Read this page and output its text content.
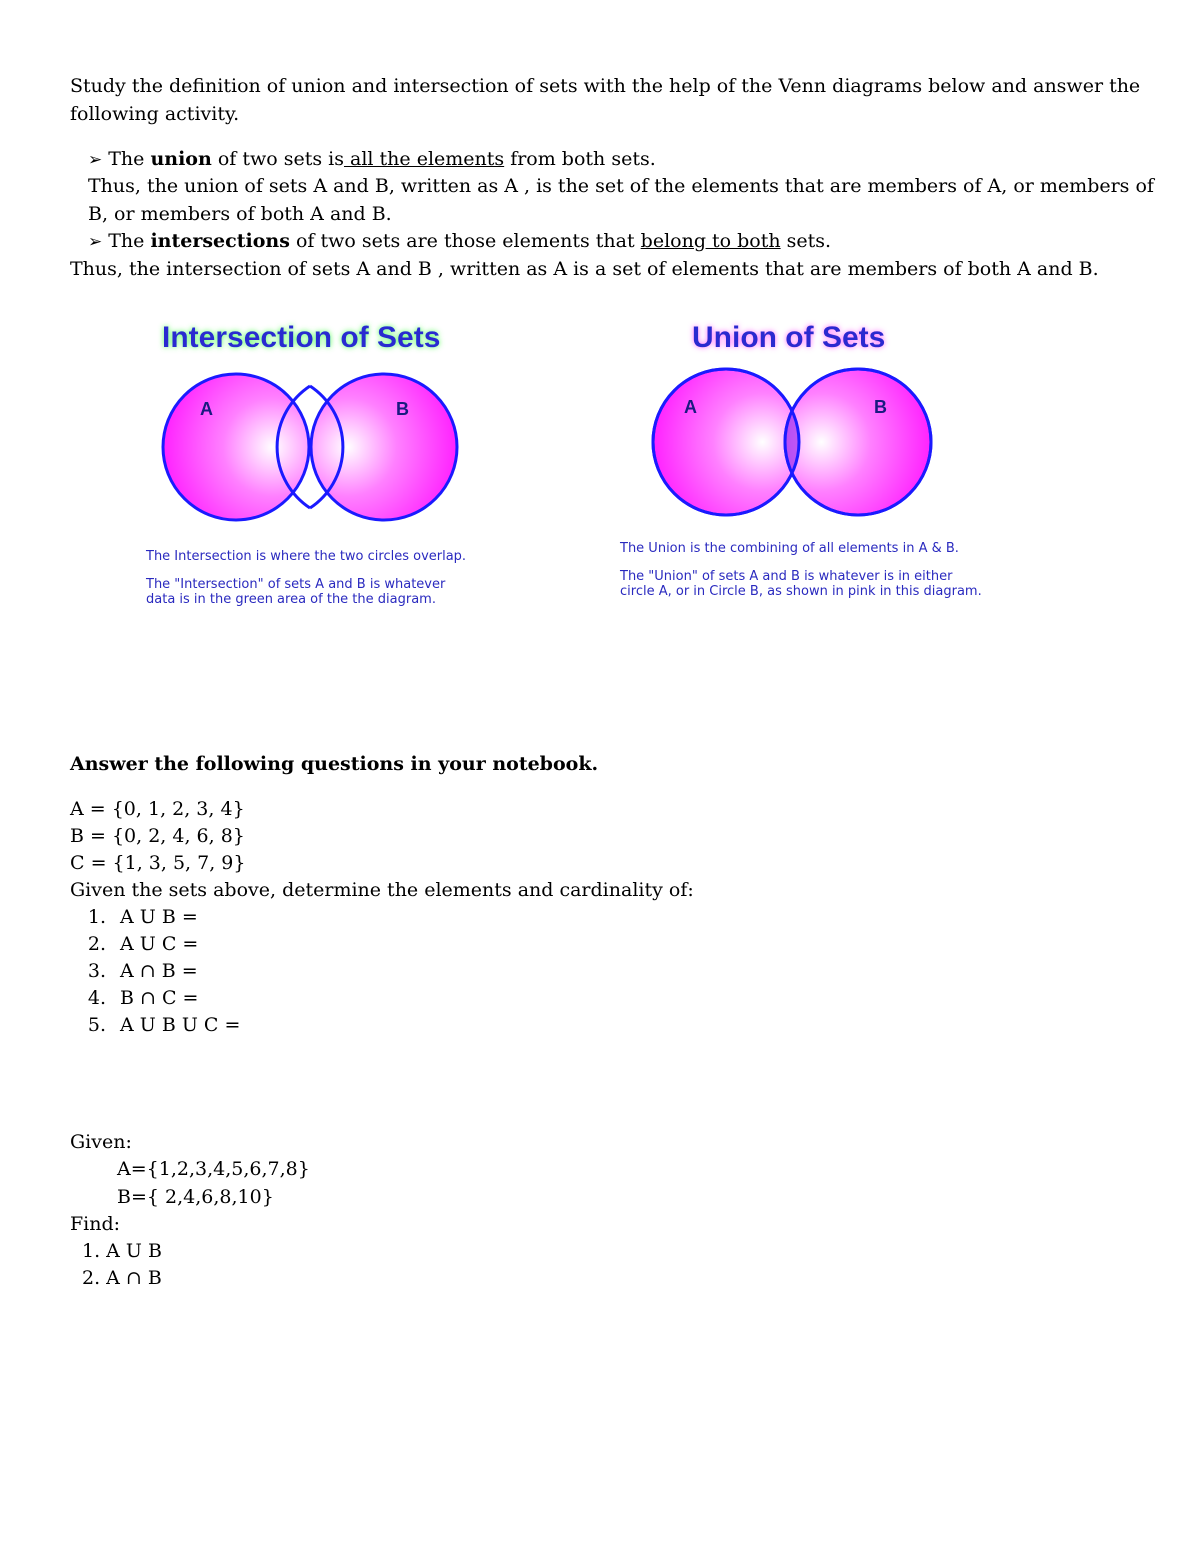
Study the definition of union and intersection of sets with the help of the Venn diagrams below and answer the
following activity.
➢ The union of two sets is all the elements from both sets.
Thus, the union of sets A and B, written as A , is the set of the elements that are members of A, or members of
B, or members of both A and B.
➢ The intersections of two sets are those elements that belong to both sets.
Thus, the intersection of sets A and B , written as A is a set of elements that are members of both A and B.
Intersection of Sets
A	B
The Intersection is where the two circles overlap.
The "Intersection" of sets A and B is whatever
data is in the green area of the the diagram.
Union of Sets
A	B
The Union is the combining of all elements in A & B.
The "Union" of sets A and B is whatever is in either
circle A, or in Circle B, as shown in pink in this diagram.
Answer the following questions in your notebook.
A = {0, 1, 2, 3, 4}
B = {0, 2, 4, 6, 8}
C = {1, 3, 5, 7, 9}
Given the sets above, determine the elements and cardinality of:
1. A U B =
2. A U C =
3. A ∩ B =
4. B ∩ C =
5. A U B U C =
Given:
A={1,2,3,4,5,6,7,8}
B={ 2,4,6,8,10}
Find:
1. A U B
2. A ∩ B
